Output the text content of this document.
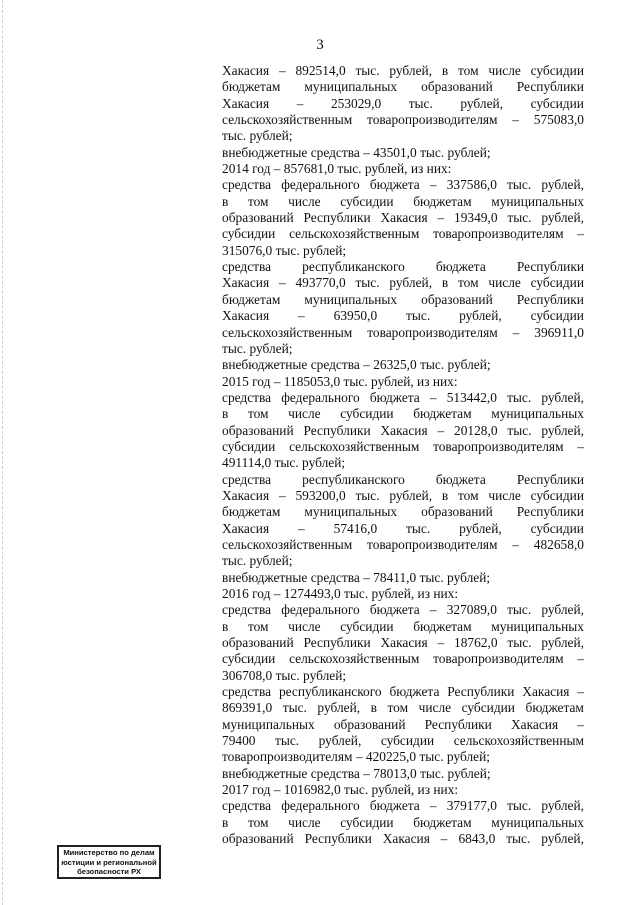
3
Хакасия – 892514,0 тыс. рублей, в том числе субсидии
бюджетам муниципальных образований Республики
Хакасия – 253029,0 тыс. рублей, субсидии
сельскохозяйственным товаропроизводителям – 575083,0
тыс. рублей;
внебюджетные средства – 43501,0 тыс. рублей;
2014 год – 857681,0 тыс. рублей, из них:
средства федерального бюджета – 337586,0 тыс. рублей,
в том числе субсидии бюджетам муниципальных
образований Республики Хакасия – 19349,0 тыс. рублей,
субсидии сельскохозяйственным товаропроизводителям –
315076,0 тыс. рублей;
средства республиканского бюджета Республики
Хакасия – 493770,0 тыс. рублей, в том числе субсидии
бюджетам муниципальных образований Республики
Хакасия – 63950,0 тыс. рублей, субсидии
сельскохозяйственным товаропроизводителям – 396911,0
тыс. рублей;
внебюджетные средства – 26325,0 тыс. рублей;
2015 год – 1185053,0 тыс. рублей, из них:
средства федерального бюджета – 513442,0 тыс. рублей,
в том числе субсидии бюджетам муниципальных
образований Республики Хакасия – 20128,0 тыс. рублей,
субсидии сельскохозяйственным товаропроизводителям –
491114,0 тыс. рублей;
средства республиканского бюджета Республики
Хакасия – 593200,0 тыс. рублей, в том числе субсидии
бюджетам муниципальных образований Республики
Хакасия – 57416,0 тыс. рублей, субсидии
сельскохозяйственным товаропроизводителям – 482658,0
тыс. рублей;
внебюджетные средства – 78411,0 тыс. рублей;
2016 год – 1274493,0 тыс. рублей, из них:
средства федерального бюджета – 327089,0 тыс. рублей,
в том числе субсидии бюджетам муниципальных
образований Республики Хакасия – 18762,0 тыс. рублей,
субсидии сельскохозяйственным товаропроизводителям –
306708,0 тыс. рублей;
средства республиканского бюджета Республики Хакасия –
869391,0 тыс. рублей, в том числе субсидии бюджетам
муниципальных образований Республики Хакасия –
79400 тыс. рублей, субсидии сельскохозяйственным
товаропроизводителям – 420225,0 тыс. рублей;
внебюджетные средства – 78013,0 тыс. рублей;
2017 год – 1016982,0 тыс. рублей, из них:
средства федерального бюджета – 379177,0 тыс. рублей,
в том числе субсидии бюджетам муниципальных
образований Республики Хакасия – 6843,0 тыс. рублей,
Министерство по делам
юстиции и региональной
безопасности РХ
